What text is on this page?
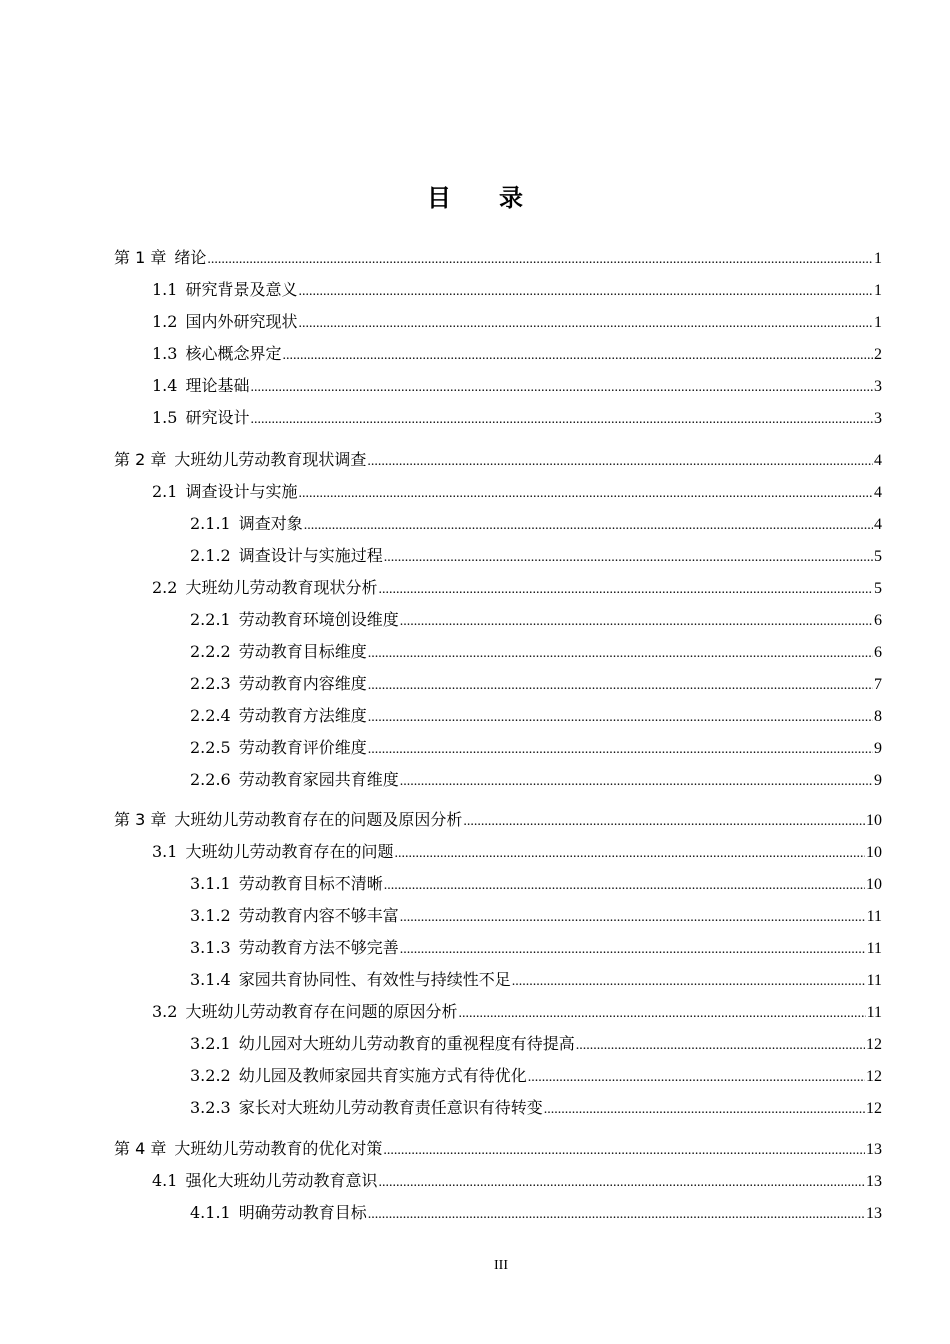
目录
第 1 章 绪论 .....	1
1.1 研究背景及意义 .....	1
1.2 国内外研究现状 .....	1
1.3 核心概念界定 .....	2
1.4 理论基础 .....	3
1.5 研究设计 .....	3
第 2 章 大班幼儿劳动教育现状调查 .....	4
2.1 调查设计与实施 .....	4
2.1.1 调查对象 .....	4
2.1.2 调查设计与实施过程 .....	5
2.2 大班幼儿劳动教育现状分析 .....	5
2.2.1 劳动教育环境创设维度 .....	6
2.2.2 劳动教育目标维度 .....	6
2.2.3 劳动教育内容维度 .....	7
2.2.4 劳动教育方法维度 .....	8
2.2.5 劳动教育评价维度 .....	9
2.2.6 劳动教育家园共育维度 .....	9
第 3 章 大班幼儿劳动教育存在的问题及原因分析 .....	10
3.1 大班幼儿劳动教育存在的问题 .....	10
3.1.1 劳动教育目标不清晰 .....	10
3.1.2 劳动教育内容不够丰富 .....	11
3.1.3 劳动教育方法不够完善 .....	11
3.1.4 家园共育协同性、有效性与持续性不足 .....	11
3.2 大班幼儿劳动教育存在问题的原因分析 .....	11
3.2.1 幼儿园对大班幼儿劳动教育的重视程度有待提高 .....	12
3.2.2 幼儿园及教师家园共育实施方式有待优化 .....	12
3.2.3 家长对大班幼儿劳动教育责任意识有待转变 .....	12
第 4 章 大班幼儿劳动教育的优化对策 .....	13
4.1 强化大班幼儿劳动教育意识 .....	13
4.1.1 明确劳动教育目标 .....	13
III
